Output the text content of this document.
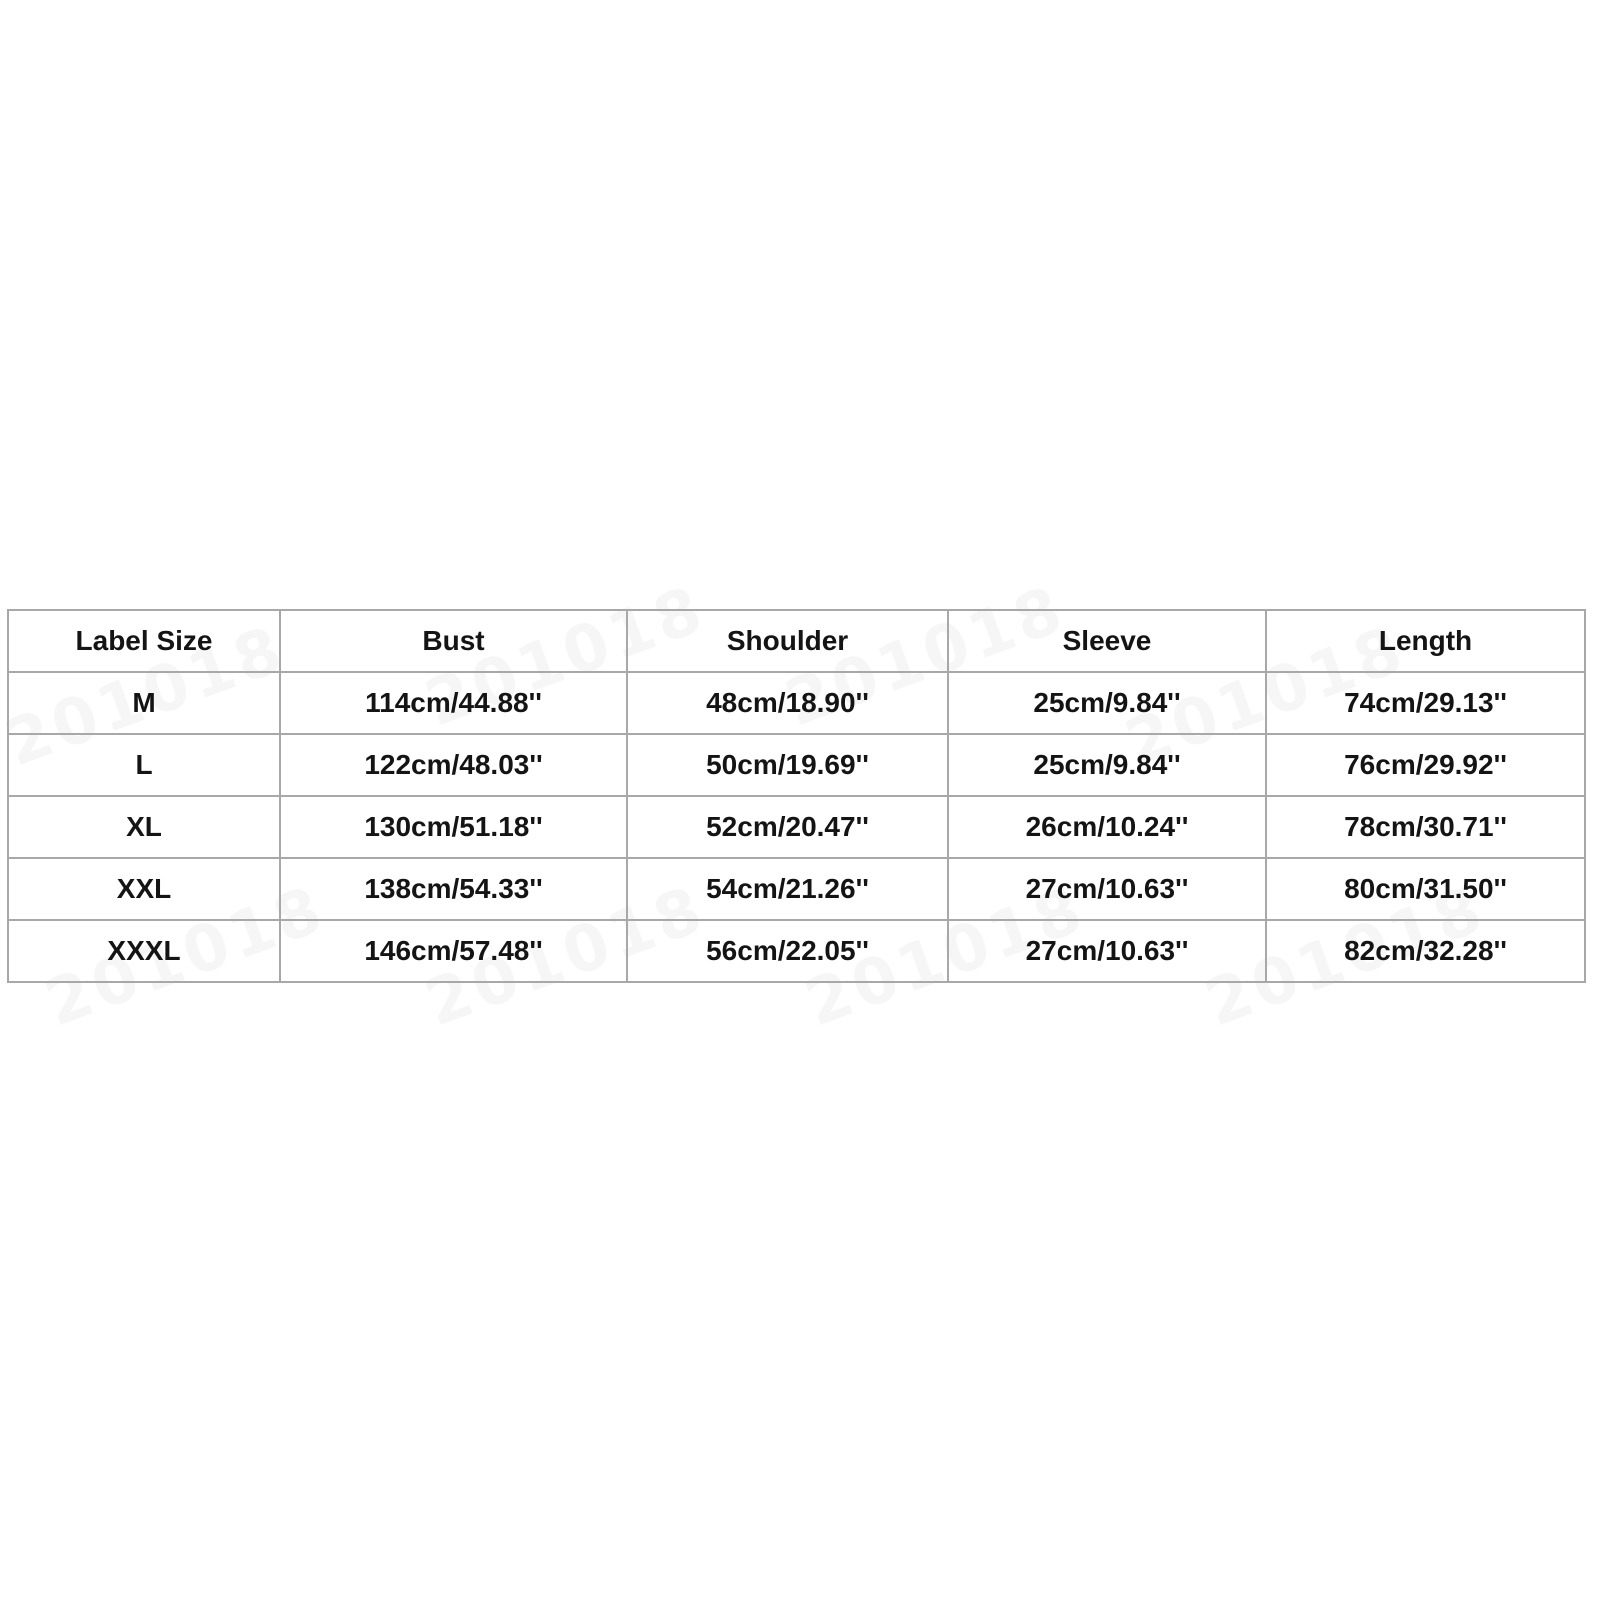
Label Size	Bust	Shoulder	Sleeve	Length
M	114cm/44.88''	48cm/18.90''	25cm/9.84''	74cm/29.13''
L	122cm/48.03''	50cm/19.69''	25cm/9.84''	76cm/29.92''
XL	130cm/51.18''	52cm/20.47''	26cm/10.24''	78cm/30.71''
XXL	138cm/54.33''	54cm/21.26''	27cm/10.63''	80cm/31.50''
XXXL	146cm/57.48''	56cm/22.05''	27cm/10.63''	82cm/32.28''
